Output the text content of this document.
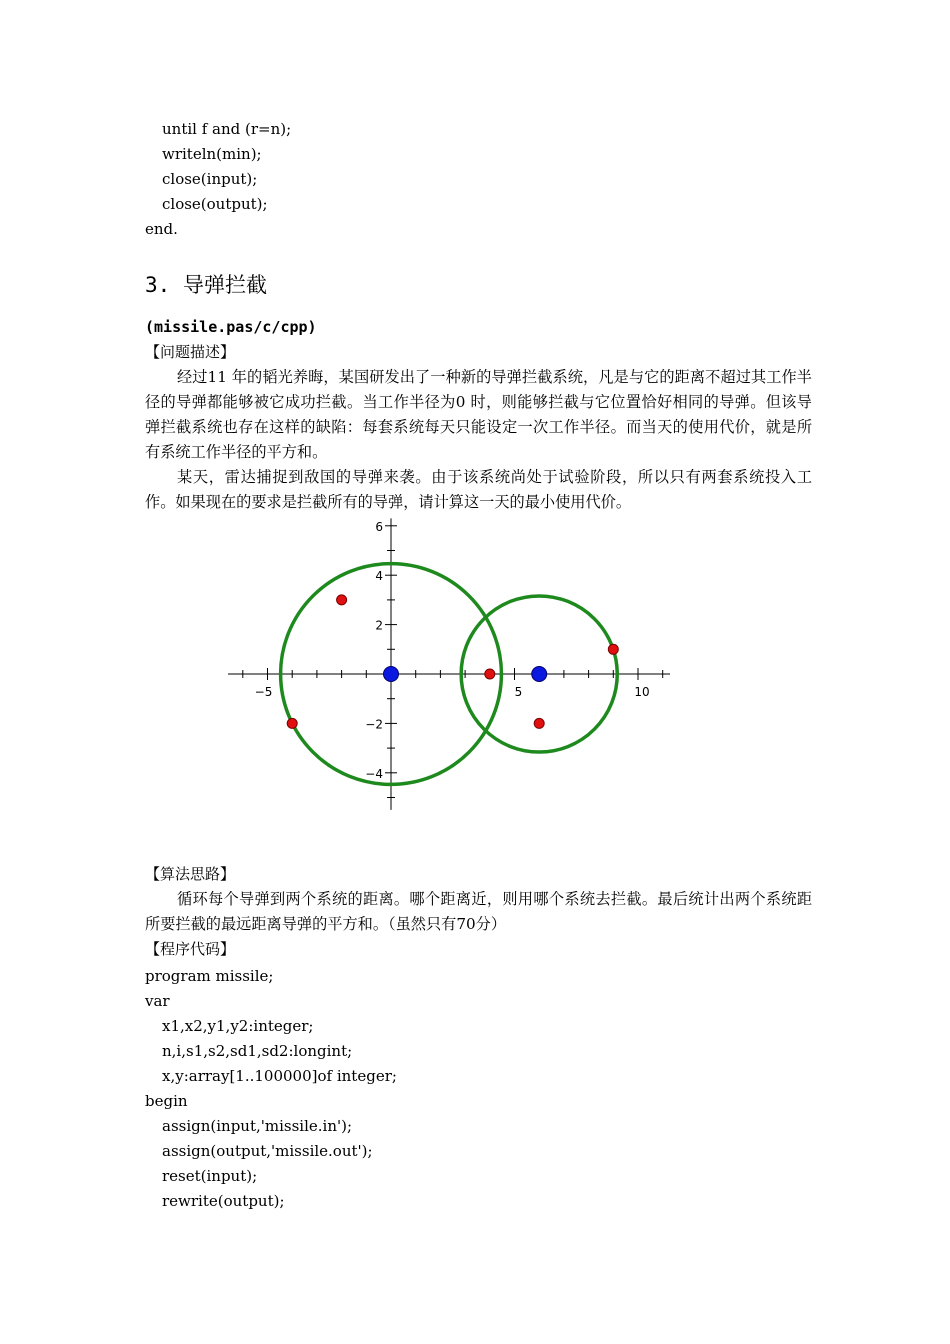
until f and (r=n);
writeln(min);
close(input);
close(output);
end.
3. 导弹拦截
(missile.pas/c/cpp)
【问题描述】

经过11 年的韬光养晦，某国研发出了一种新的导弹拦截系统，凡是与它的距离不超过其工作半径的导弹都能够被它成功拦截。当工作半径为0 时，则能够拦截与它位置恰好相同的导弹。但该导弹拦截系统也存在这样的缺陷：每套系统每天只能设定一次工作半径。而当天的使用代价，就是所有系统工作半径的平方和。

某天，雷达捕捉到敌国的导弹来袭。由于该系统尚处于试验阶段，所以只有两套系统投入工作。如果现在的要求是拦截所有的导弹，请计算这一天的最小使用代价。

−5	5	10
6
4
2
−2
−4
【算法思路】

循环每个导弹到两个系统的距离。哪个距离近，则用哪个系统去拦截。最后统计出两个系统距所要拦截的最远距离导弹的平方和。（虽然只有70分）

【程序代码】
program missile;
var
x1,x2,y1,y2:integer;
n,i,s1,s2,sd1,sd2:longint;
x,y:array[1..100000]of integer;
begin
assign(input,'missile.in');
assign(output,'missile.out');
reset(input);
rewrite(output);
